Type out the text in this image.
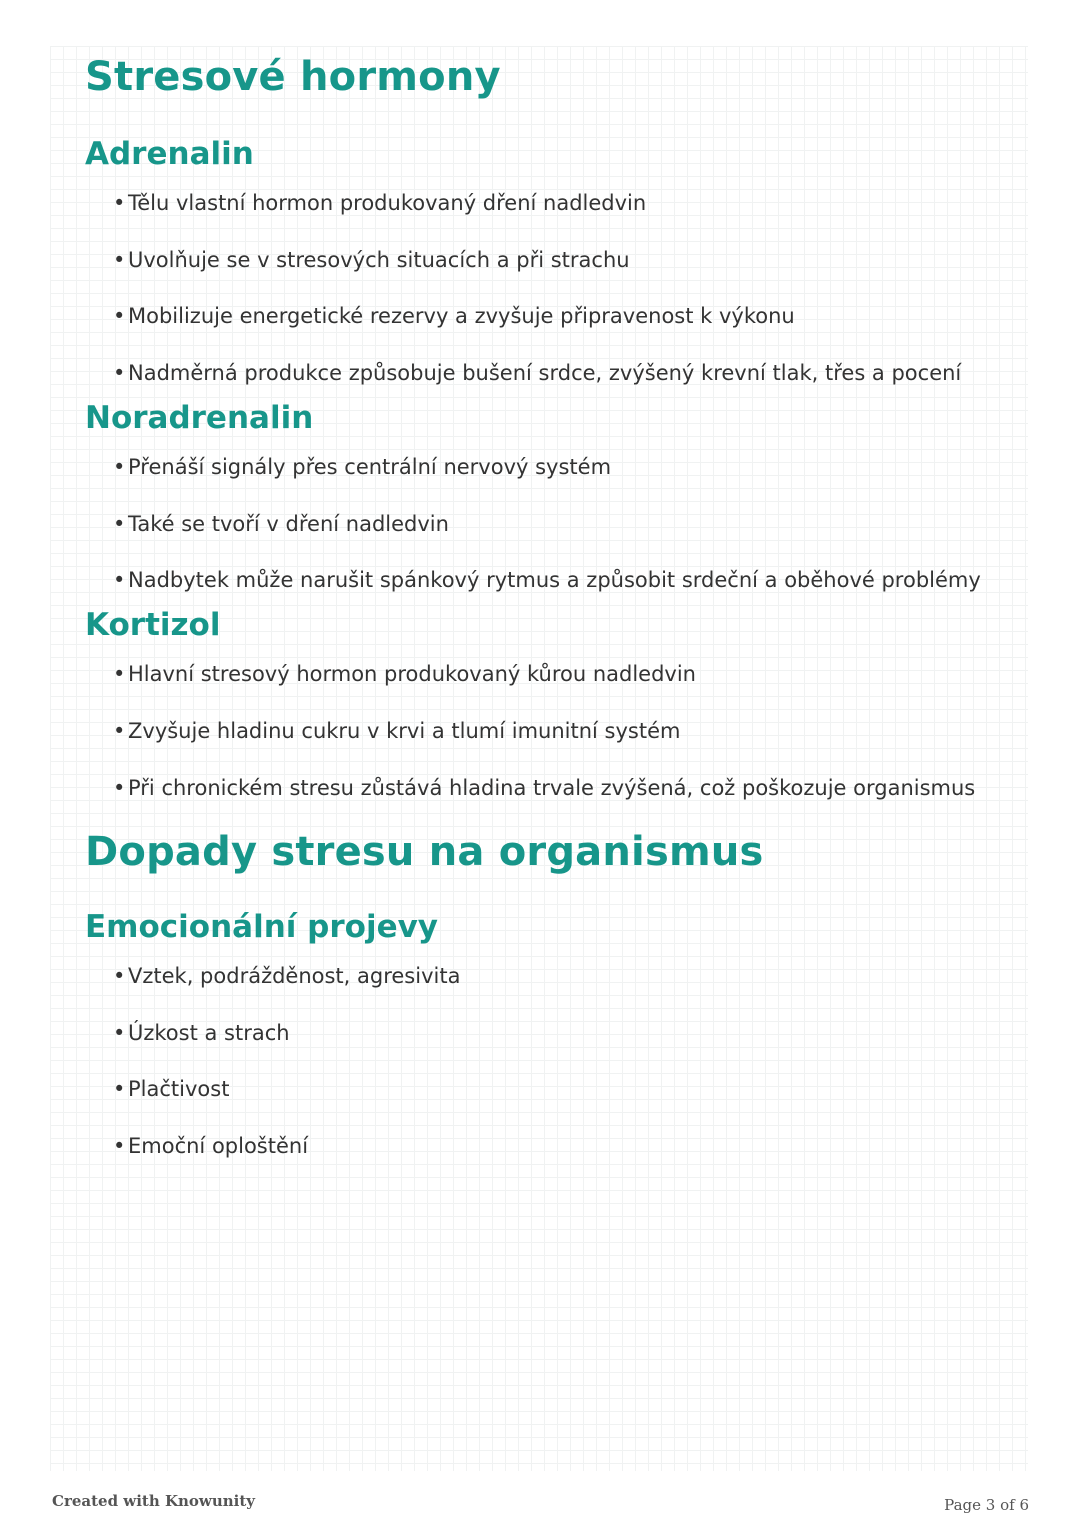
Stresové hormony
Adrenalin
• Tělu vlastní hormon produkovaný dření nadledvin
• Uvolňuje se v stresových situacích a při strachu
• Mobilizuje energetické rezervy a zvyšuje připravenost k výkonu
• Nadměrná produkce způsobuje bušení srdce, zvýšený krevní tlak, třes a pocení
Noradrenalin
• Přenáší signály přes centrální nervový systém
• Také se tvoří v dření nadledvin
• Nadbytek může narušit spánkový rytmus a způsobit srdeční a oběhové problémy
Kortizol
• Hlavní stresový hormon produkovaný kůrou nadledvin
• Zvyšuje hladinu cukru v krvi a tlumí imunitní systém
• Při chronickém stresu zůstává hladina trvale zvýšená, což poškozuje organismus
Dopady stresu na organismus
Emocionální projevy
• Vztek, podrážděnost, agresivita
• Úzkost a strach
• Plačtivost
• Emoční oploštění
Created with Knowunity	Page 3 of 6
